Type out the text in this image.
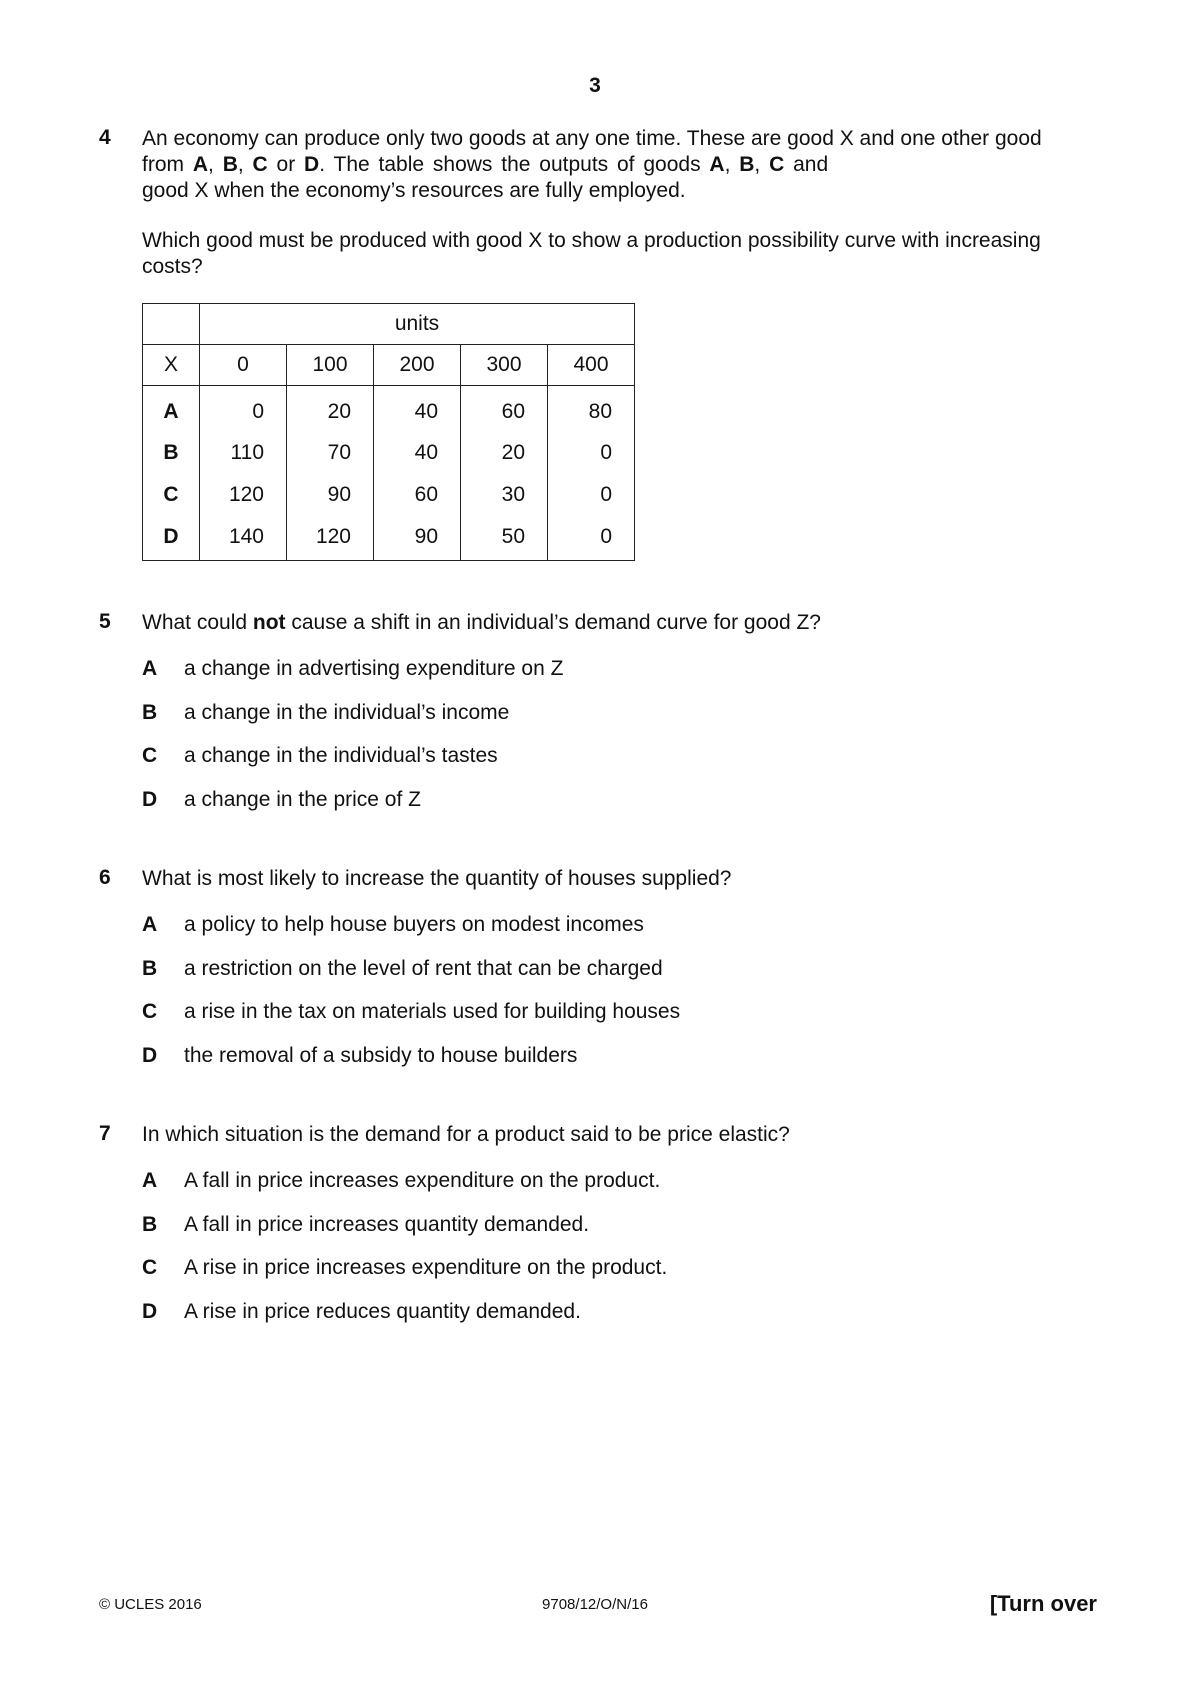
3
4 An economy can produce only two goods at any one time. These are good X and one other good

from A, B, C or D. The table shows the outputs of goods A, B, C and

good X when the economy’s resources are fully employed.

Which good must be produced with good X to show a production possibility curve with increasing

costs?

	units				
X	0	100	200	300	400
A	0	20	40	60	80
B	110	70	40	20	0
C	120	90	60	30	0
D	140	120	90	50	0
5 What could not cause a shift in an individual’s demand curve for good Z?

A a change in advertising expenditure on Z
B a change in the individual’s income
C a change in the individual’s tastes
D a change in the price of Z
6 What is most likely to increase the quantity of houses supplied?

A a policy to help house buyers on modest incomes
B a restriction on the level of rent that can be charged
C a rise in the tax on materials used for building houses
D the removal of a subsidy to house builders
7 In which situation is the demand for a product said to be price elastic?

A A fall in price increases expenditure on the product.
B A fall in price increases quantity demanded.
C A rise in price increases expenditure on the product.
D A rise in price reduces quantity demanded.
© UCLES 2016	9708/12/O/N/16	[Turn over
